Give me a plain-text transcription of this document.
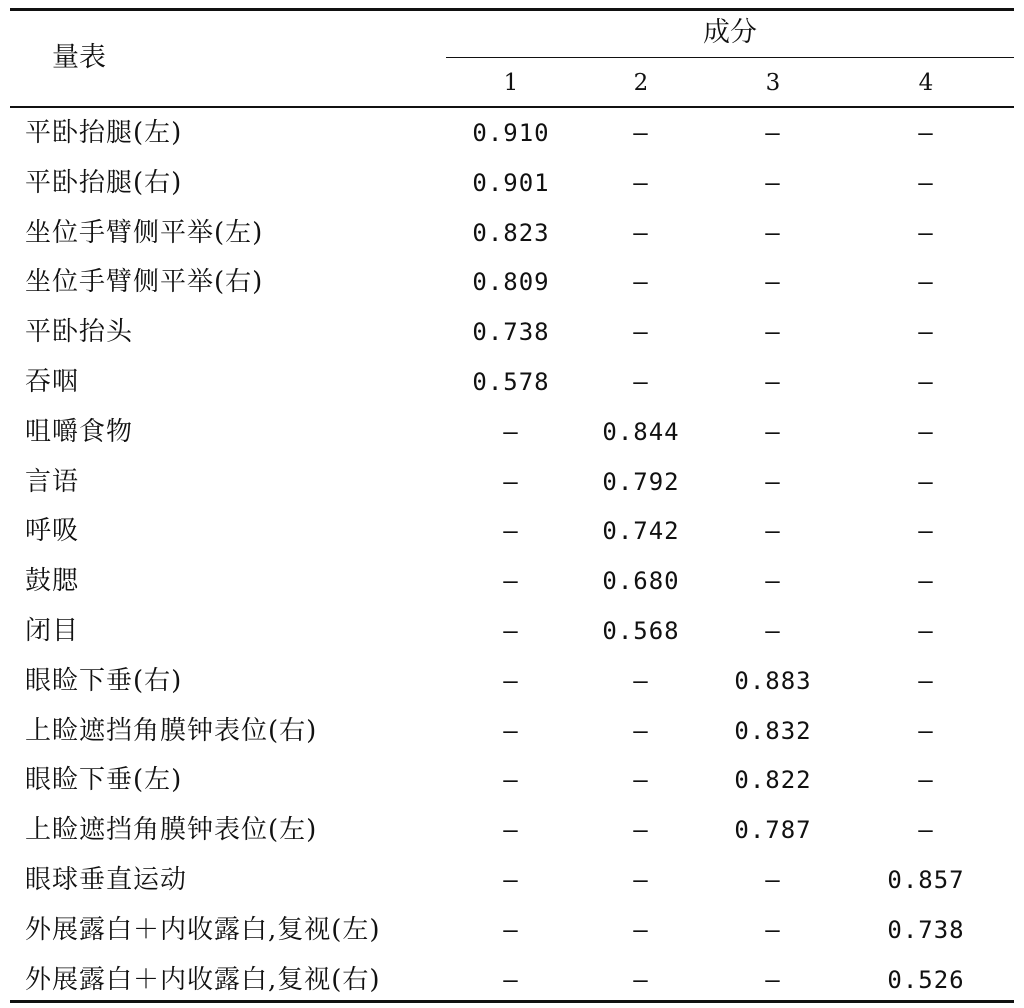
量表
成分
1	2	3	4
平卧抬腿(左)	0.910	—	—	—
平卧抬腿(右)	0.901	—	—	—
坐位手臂侧平举(左)	0.823	—	—	—
坐位手臂侧平举(右)	0.809	—	—	—
平卧抬头	0.738	—	—	—
吞咽	0.578	—	—	—
咀嚼食物	—	0.844	—	—
言语	—	0.792	—	—
呼吸	—	0.742	—	—
鼓腮	—	0.680	—	—
闭目	—	0.568	—	—
眼睑下垂(右)	—	—	0.883	—
上睑遮挡角膜钟表位(右)	—	—	0.832	—
眼睑下垂(左)	—	—	0.822	—
上睑遮挡角膜钟表位(左)	—	—	0.787	—
眼球垂直运动	—	—	—	0.857
外展露白＋内收露白,复视(左)	—	—	—	0.738
外展露白＋内收露白,复视(右)	—	—	—	0.526
